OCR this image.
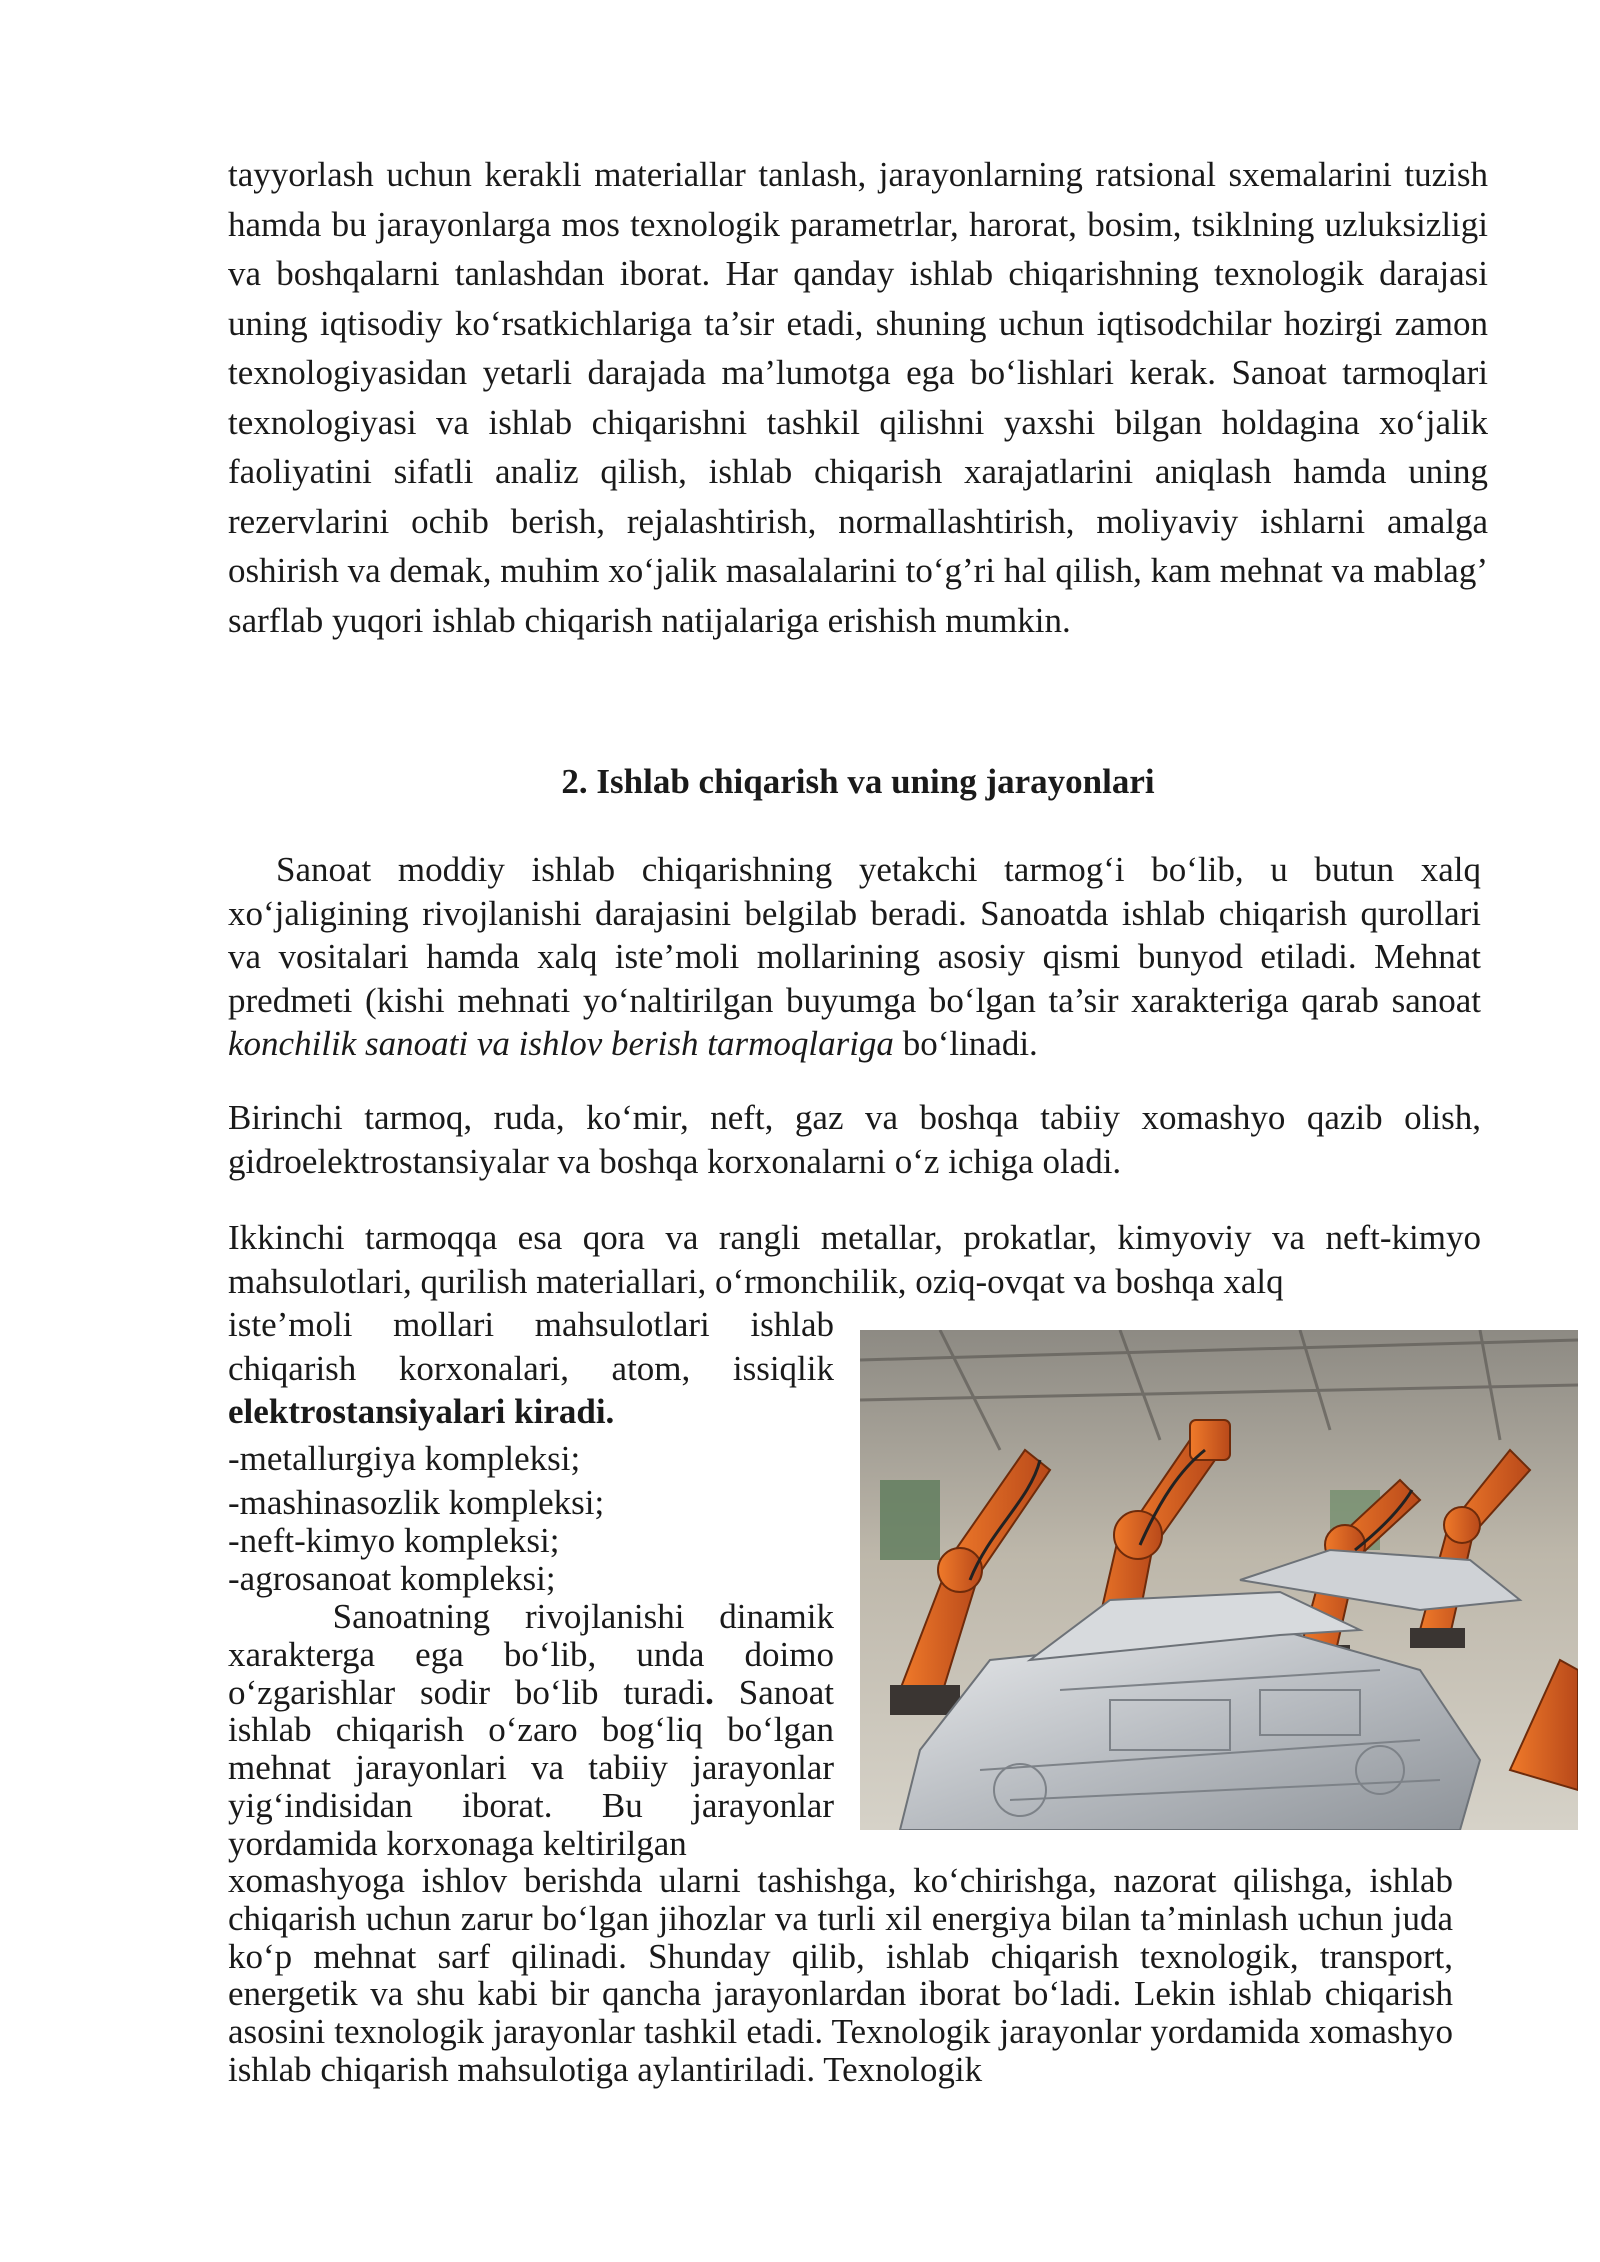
tayyorlash uchun kerakli materiallar tanlash, jarayonlarning ratsional sxemalarini tuzish hamda bu jarayonlarga mos texnologik parametrlar, harorat, bosim, tsiklning uzluksizligi va boshqalarni tanlashdan iborat. Har qanday ishlab chiqarishning texnologik darajasi uning iqtisodiy ko‘rsatkichlariga ta’sir etadi, shuning uchun iqtisodchilar hozirgi zamon texnologiyasidan yetarli darajada ma’lumotga ega bo‘lishlari kerak. Sanoat tarmoqlari texnologiyasi va ishlab chiqarishni tashkil qilishni yaxshi bilgan holdagina xo‘jalik faoliyatini sifatli analiz qilish, ishlab chiqarish xarajatlarini aniqlash hamda uning rezervlarini ochib berish, rejalashtirish, normallashtirish, moliyaviy ishlarni amalga oshirish va demak, muhim xo‘jalik masalalarini to‘g’ri hal qilish, kam mehnat va mablag’ sarflab yuqori ishlab chiqarish natijalariga erishish mumkin.

2. Ishlab chiqarish va uning jarayonlari

Sanoat moddiy ishlab chiqarishning yetakchi tarmog‘i bo‘lib, u butun xalq xo‘jaligining rivojlanishi darajasini belgilab beradi. Sanoatda ishlab chiqarish qurollari va vositalari hamda xalq iste’moli mollarining asosiy qismi bunyod etiladi. Mehnat predmeti (kishi mehnati yo‘naltirilgan buyumga bo‘lgan ta’sir xarakteriga qarab sanoat konchilik sanoati va ishlov berish tarmoqlariga bo‘linadi.

Birinchi tarmoq, ruda, ko‘mir, neft, gaz va boshqa tabiiy xomashyo qazib olish, gidroelektrostansiyalar va boshqa korxonalarni o‘z ichiga oladi.

Ikkinchi tarmoqqa esa qora va rangli metallar, prokatlar, kimyoviy va neft-kimyo mahsulotlari, qurilish materiallari, o‘rmonchilik, oziq-ovqat va boshqa xalq

iste’moli mollari mahsulotlari ishlab chiqarish korxonalari, atom, issiqlik elektrostansiyalari kiradi.

-metallurgiya kompleksi;
-mashinasozlik kompleksi;
-neft-kimyo kompleksi;
-agrosanoat kompleksi;

Sanoatning rivojlanishi dinamik xarakterga ega bo‘lib, unda doimo o‘zgarishlar sodir bo‘lib turadi. Sanoat ishlab chiqarish o‘zaro bog‘liq bo‘lgan mehnat jarayonlari va tabiiy jarayonlar yig‘indisidan iborat. Bu jarayonlar yordamida korxonaga keltirilgan

xomashyoga ishlov berishda ularni tashishga, ko‘chirishga, nazorat qilishga, ishlab chiqarish uchun zarur bo‘lgan jihozlar va turli xil energiya bilan ta’minlash uchun juda ko‘p mehnat sarf qilinadi. Shunday qilib, ishlab chiqarish texnologik, transport, energetik va shu kabi bir qancha jarayonlardan iborat bo‘ladi. Lekin ishlab chiqarish asosini texnologik jarayonlar tashkil etadi. Texnologik jarayonlar yordamida xomashyo ishlab chiqarish mahsulotiga aylantiriladi. Texnologik
